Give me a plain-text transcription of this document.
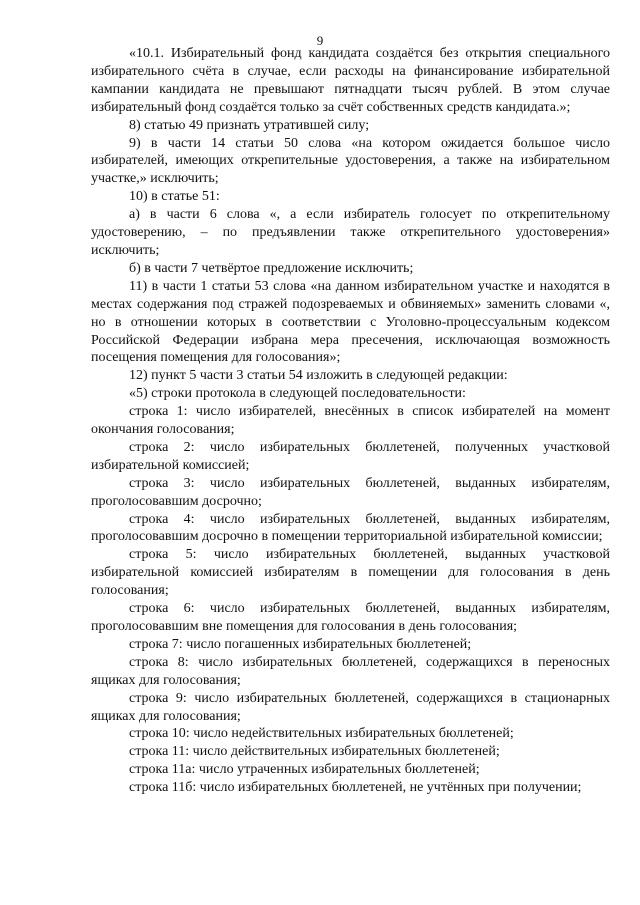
9

«10.1. Избирательный фонд кандидата создаётся без открытия специального избирательного счёта в случае, если расходы на финансирование избирательной кампании кандидата не превышают пятнадцати тысяч рублей. В этом случае избирательный фонд создаётся только за счёт собственных средств кандидата.»;

8) статью 49 признать утратившей силу;

9) в части 14 статьи 50 слова «на котором ожидается большое число избирателей, имеющих открепительные удостоверения, а также на избирательном участке,» исключить;

10) в статье 51:

а) в части 6 слова «, а если избиратель голосует по открепительному удостоверению, – по предъявлении также открепительного удостоверения» исключить;

б) в части 7 четвёртое предложение исключить;

11) в части 1 статьи 53 слова «на данном избирательном участке и находятся в местах содержания под стражей подозреваемых и обвиняемых» заменить словами «, но в отношении которых в соответствии с Уголовно-процессуальным кодексом Российской Федерации избрана мера пресечения, исключающая возможность посещения помещения для голосования»;

12) пункт 5 части 3 статьи 54 изложить в следующей редакции:

«5) строки протокола в следующей последовательности:

строка 1: число избирателей, внесённых в список избирателей на момент окончания голосования;

строка 2: число избирательных бюллетеней, полученных участковой избирательной комиссией;

строка 3: число избирательных бюллетеней, выданных избирателям, проголосовавшим досрочно;

строка 4: число избирательных бюллетеней, выданных избирателям, проголосовавшим досрочно в помещении территориальной избирательной комиссии;

строка 5: число избирательных бюллетеней, выданных участковой избирательной комиссией избирателям в помещении для голосования в день голосования;

строка 6: число избирательных бюллетеней, выданных избирателям, проголосовавшим вне помещения для голосования в день голосования;

строка 7: число погашенных избирательных бюллетеней;

строка 8: число избирательных бюллетеней, содержащихся в переносных ящиках для голосования;

строка 9: число избирательных бюллетеней, содержащихся в стационарных ящиках для голосования;

строка 10: число недействительных избирательных бюллетеней;

строка 11: число действительных избирательных бюллетеней;

строка 11а: число утраченных избирательных бюллетеней;

строка 11б: число избирательных бюллетеней, не учтённых при получении;
